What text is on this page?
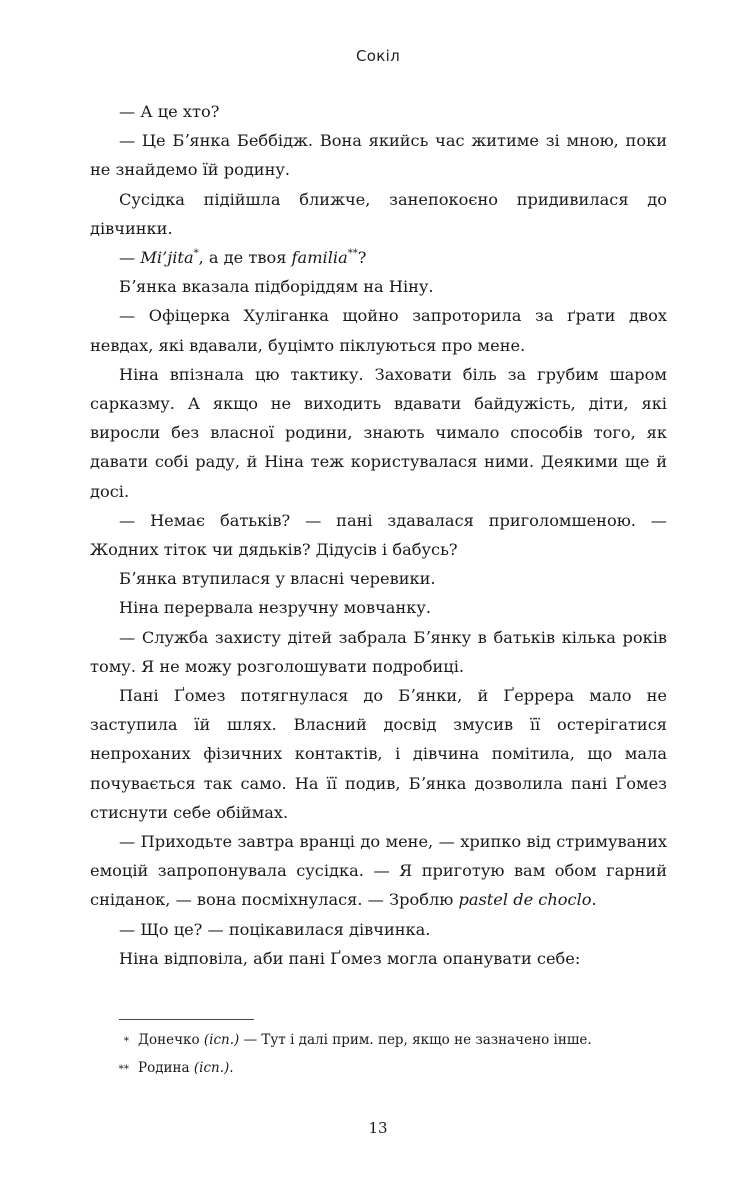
Сокіл

— А це хто?

— Це Бʼянка Беббідж. Вона якийсь час житиме зі мною, поки не знайдемо їй родину.

Сусідка підійшла ближче, занепокоєно придивилася до дівчинки.

— Mi’jita*, а де твоя familia**?

Бʼянка вказала підборіддям на Ніну.

— Офіцерка Хуліганка щойно запроторила за ґрати двох невдах, які вдавали, буцімто піклуються про мене.

Ніна впізнала цю тактику. Заховати біль за грубим шаром сарказму. А якщо не виходить вдавати байдужість, діти, які виросли без власної родини, знають чимало способів того, як давати собі раду, й Ніна теж користувалася ними. Деякими ще й досі.

— Немає батьків? — пані здавалася приголомшеною. — Жодних тіток чи дядьків? Дідусів і бабусь?

Бʼянка втупилася у власні черевики.

Ніна перервала незручну мовчанку.

— Служба захисту дітей забрала Бʼянку в батьків кілька років тому. Я не можу розголошувати подробиці.

Пані Ґомез потягнулася до Бʼянки, й Ґеррера мало не заступила їй шлях. Власний досвід змусив її остерігатися непроханих фізичних контактів, і дівчина помітила, що мала почувається так само. На її подив, Бʼянка дозволила пані Ґомез стиснути себе обіймах.

— Приходьте завтра вранці до мене, — хрипко від стримуваних емоцій запропонувала сусідка. — Я приготую вам обом гарний сніданок, — вона посміхнулася. — Зроблю pastel de choclo.

— Що це? — поцікавилася дівчинка.

Ніна відповіла, аби пані Ґомез могла опанувати себе:

* Донечко (ісп.) — Тут і далі прим. пер, якщо не зазначено інше.
** Родина (ісп.).
13
